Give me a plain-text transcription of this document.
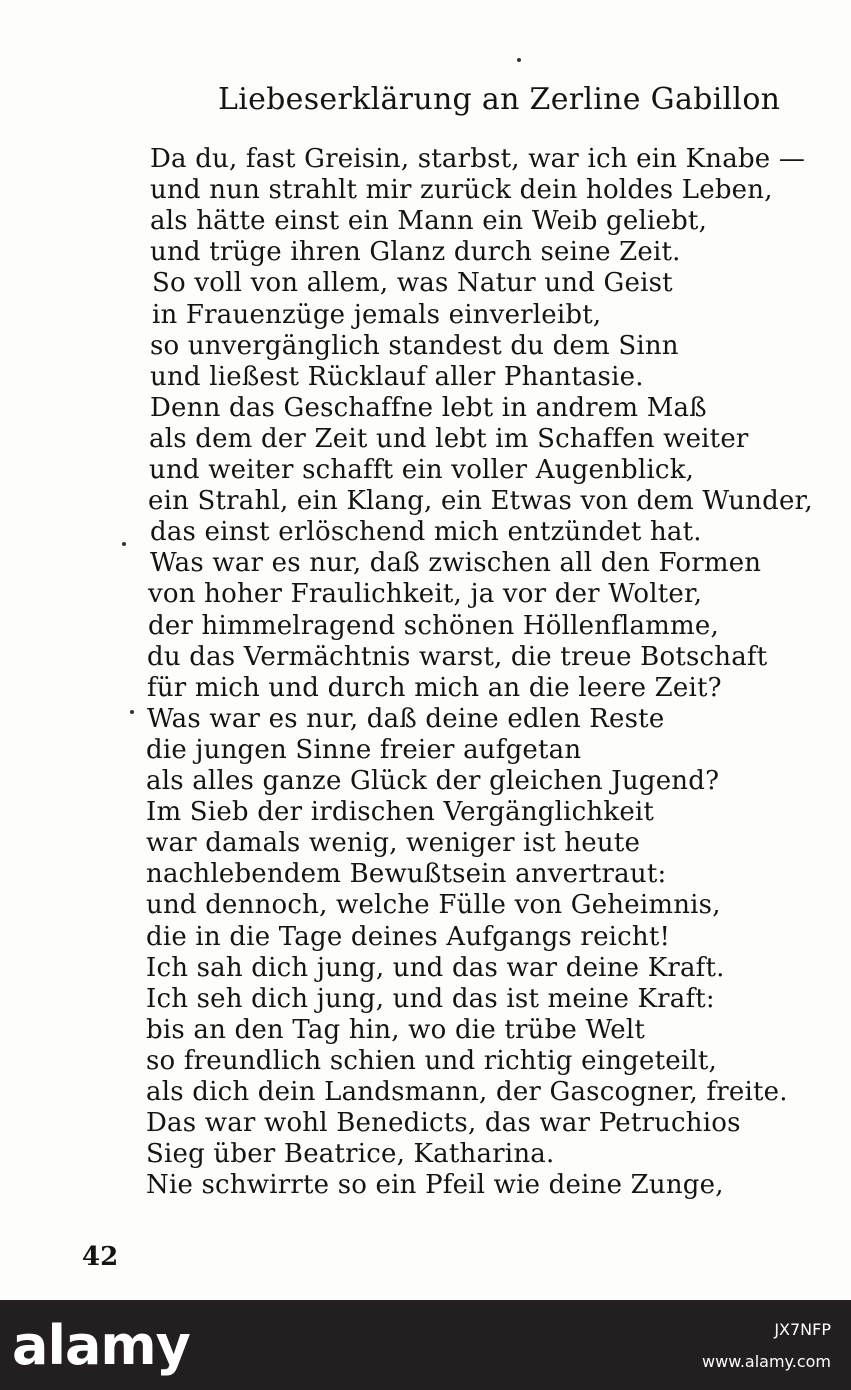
Liebeserklärung an Zerline Gabillon
Da du, fast Greisin, starbst, war ich ein Knabe —
und nun strahlt mir zurück dein holdes Leben,
als hätte einst ein Mann ein Weib geliebt,
und trüge ihren Glanz durch seine Zeit.
So voll von allem, was Natur und Geist
in Frauenzüge jemals einverleibt,
so unvergänglich standest du dem Sinn
und ließest Rücklauf aller Phantasie.
Denn das Geschaffne lebt in andrem Maß
als dem der Zeit und lebt im Schaffen weiter
und weiter schafft ein voller Augenblick,
ein Strahl, ein Klang, ein Etwas von dem Wunder,
das einst erlöschend mich entzündet hat.
Was war es nur, daß zwischen all den Formen
von hoher Fraulichkeit, ja vor der Wolter,
der himmelragend schönen Höllenflamme,
du das Vermächtnis warst, die treue Botschaft
für mich und durch mich an die leere Zeit?
Was war es nur, daß deine edlen Reste
die jungen Sinne freier aufgetan
als alles ganze Glück der gleichen Jugend?
Im Sieb der irdischen Vergänglichkeit
war damals wenig, weniger ist heute
nachlebendem Bewußtsein anvertraut:
und dennoch, welche Fülle von Geheimnis,
die in die Tage deines Aufgangs reicht!
Ich sah dich jung, und das war deine Kraft.
Ich seh dich jung, und das ist meine Kraft:
bis an den Tag hin, wo die trübe Welt
so freundlich schien und richtig eingeteilt,
als dich dein Landsmann, der Gascogner, freite.
Das war wohl Benedicts, das war Petruchios
Sieg über Beatrice, Katharina.
Nie schwirrte so ein Pfeil wie deine Zunge,
42
alamy	JX7NFP
www.alamy.com
